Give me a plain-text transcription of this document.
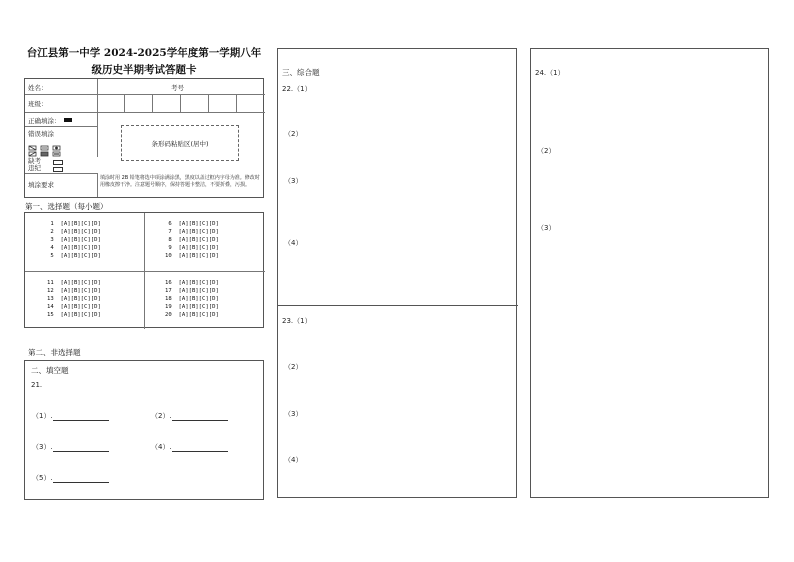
台江县第一中学 2024-2025学年度第一学期八年
级历史半期考试答题卡
姓名：	考号
班级：
正确填涂：
错误填涂
缺考
违纪
条形码粘贴区(居中)
填涂要求
填涂时用 2B 铅笔将选中项涂满涂黑，黑度以盖过框内字母为准。修改时用橡皮擦干净。注意题号顺序，保持答题卡整洁，不要折叠，污损。
第一、选择题（每小题）
1  [A][B][C][D]
2  [A][B][C][D]
3  [A][B][C][D]
4  [A][B][C][D]
5  [A][B][C][D]
6  [A][B][C][D]
7  [A][B][C][D]
8  [A][B][C][D]
9  [A][B][C][D]
10  [A][B][C][D]
11  [A][B][C][D]
12  [A][B][C][D]
13  [A][B][C][D]
14  [A][B][C][D]
15  [A][B][C][D]
16  [A][B][C][D]
17  [A][B][C][D]
18  [A][B][C][D]
19  [A][B][C][D]
20  [A][B][C][D]
第二、非选择题
二、填空题
21.
（1）.	（2）.
（3）.	（4）.
（5）.
三、综合题
22.（1）
（2）
（3）
（4）
23.（1）
（2）
（3）
（4）
24.（1）
（2）
（3）
